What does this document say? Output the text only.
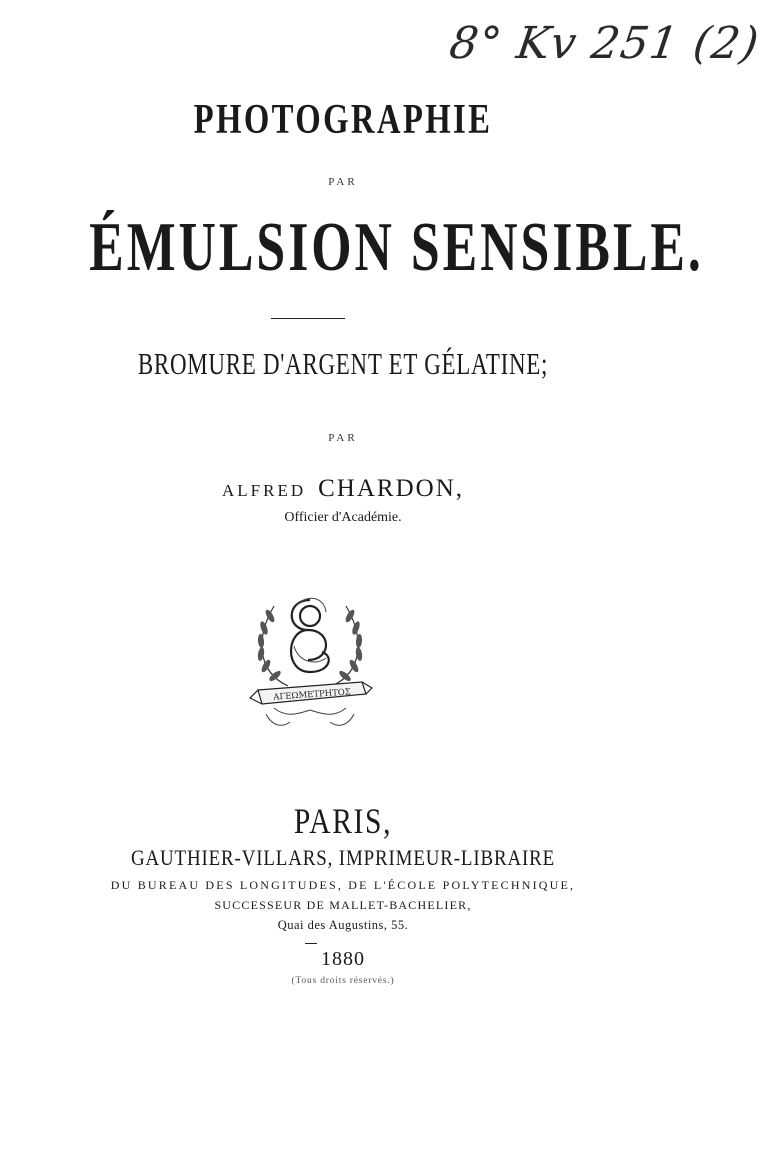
8° Kv 251 (2)
PHOTOGRAPHIE
PAR
ÉMULSION SENSIBLE.
BROMURE D'ARGENT ET GÉLATINE;
PAR
ALFRED CHARDON,
Officier d'Académie.
ΑΓΕΩΜΕΤΡΗΤΟΣ
PARIS,
GAUTHIER-VILLARS, IMPRIMEUR-LIBRAIRE
DU BUREAU DES LONGITUDES, DE L'ÉCOLE POLYTECHNIQUE,
SUCCESSEUR DE MALLET-BACHELIER,
Quai des Augustins, 55.
1880
(Tous droits réservés.)
